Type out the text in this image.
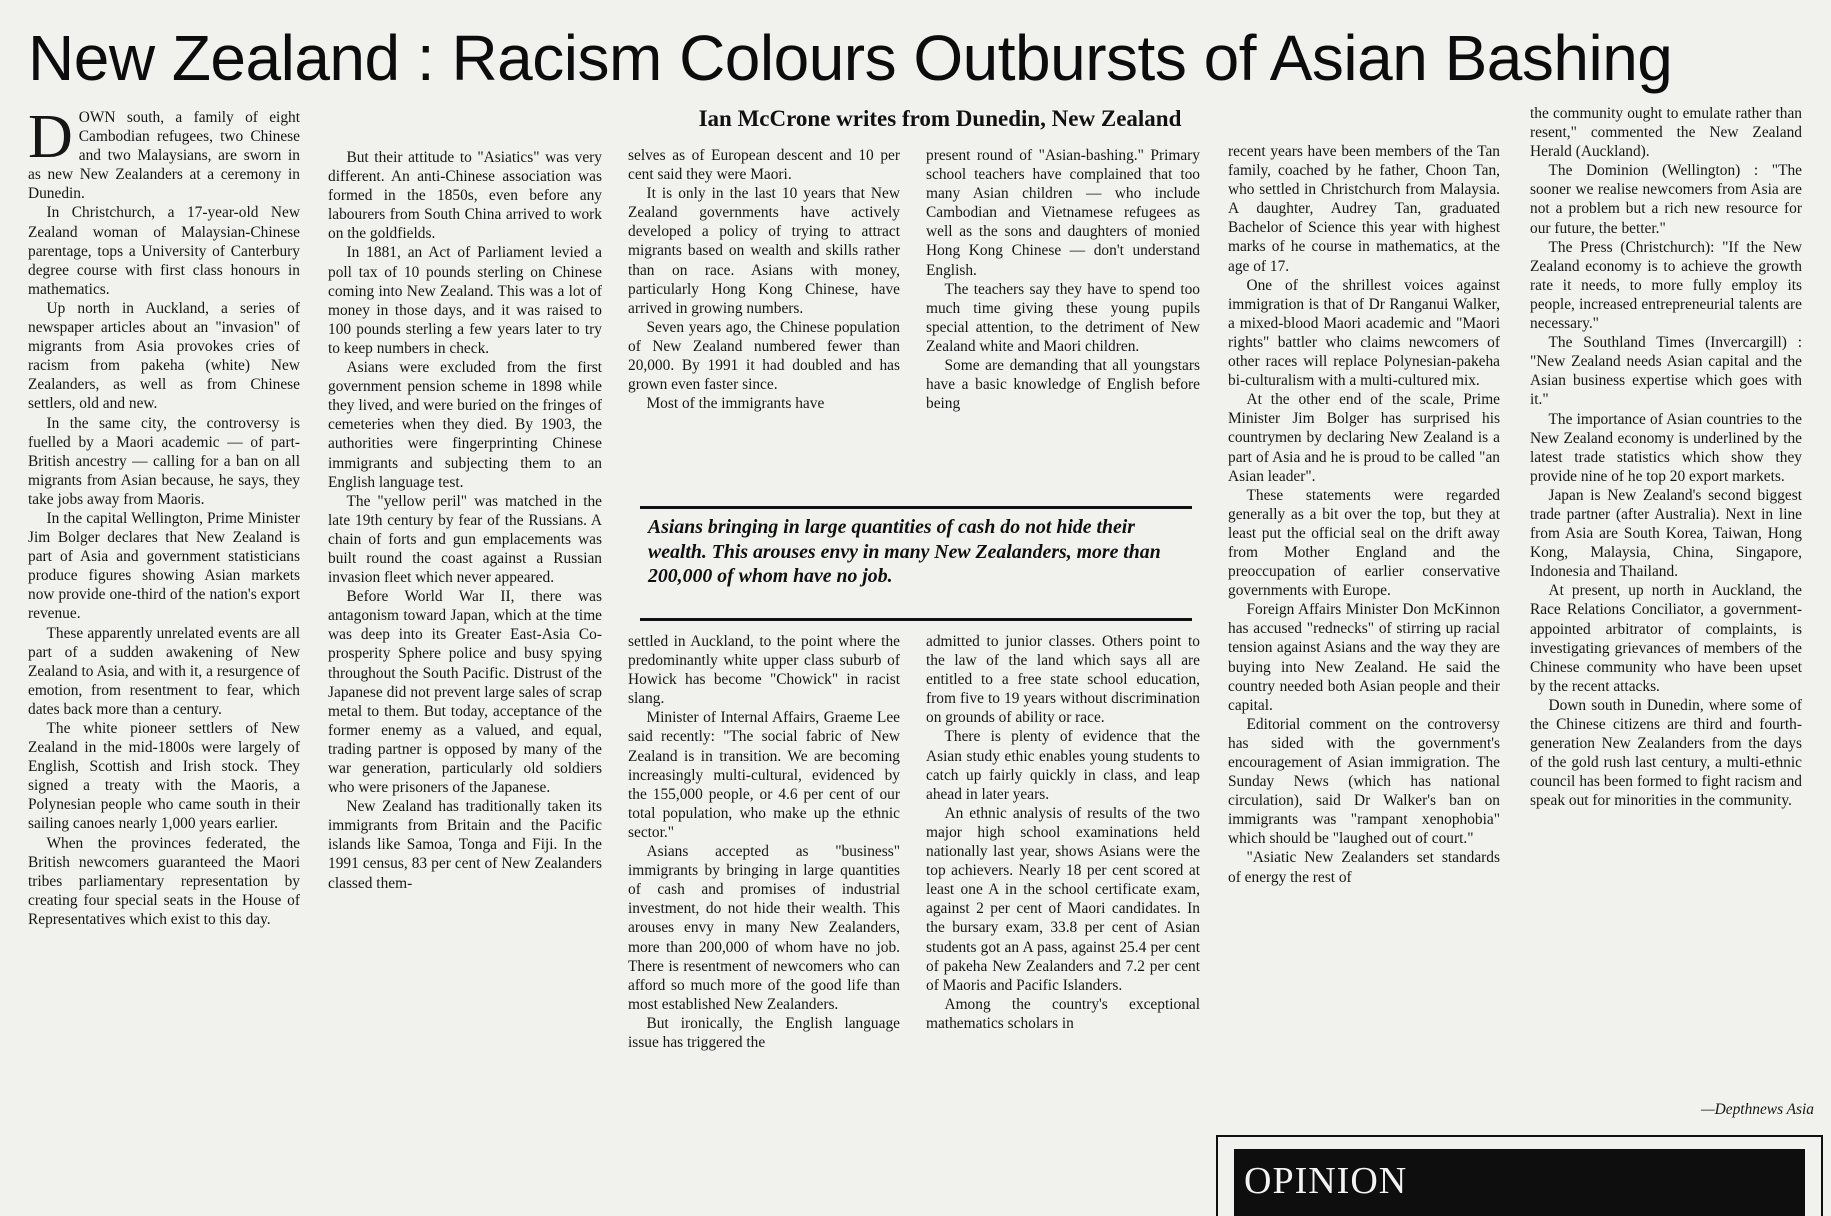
New Zealand : Racism Colours Outbursts of Asian Bashing
Ian McCrone writes from Dunedin, New Zealand

DOWN south, a family of eight Cambodian refugees, two Chinese and two Malaysians, are sworn in as new New Zealanders at a ceremony in Dunedin.

In Christchurch, a 17-year-old New Zealand woman of Malaysian-Chinese parentage, tops a University of Canterbury degree course with first class honours in mathematics.

Up north in Auckland, a series of newspaper articles about an "invasion" of migrants from Asia provokes cries of racism from pakeha (white) New Zealanders, as well as from Chinese settlers, old and new.

In the same city, the controversy is fuelled by a Maori academic — of part-British ancestry — calling for a ban on all migrants from Asian because, he says, they take jobs away from Maoris.

In the capital Wellington, Prime Minister Jim Bolger declares that New Zealand is part of Asia and government statisticians produce figures showing Asian markets now provide one-third of the nation's export revenue.

These apparently unrelated events are all part of a sudden awakening of New Zealand to Asia, and with it, a resurgence of emotion, from resentment to fear, which dates back more than a century.

The white pioneer settlers of New Zealand in the mid-1800s were largely of English, Scottish and Irish stock. They signed a treaty with the Maoris, a Polynesian people who came south in their sailing canoes nearly 1,000 years earlier.

When the provinces federated, the British newcomers guaranteed the Maori tribes parliamentary representation by creating four special seats in the House of Representatives which exist to this day.

But their attitude to "Asiatics" was very different. An anti-Chinese association was formed in the 1850s, even before any labourers from South China arrived to work on the goldfields.

In 1881, an Act of Parliament levied a poll tax of 10 pounds sterling on Chinese coming into New Zealand. This was a lot of money in those days, and it was raised to 100 pounds sterling a few years later to try to keep numbers in check.

Asians were excluded from the first government pension scheme in 1898 while they lived, and were buried on the fringes of cemeteries when they died. By 1903, the authorities were fingerprinting Chinese immigrants and subjecting them to an English language test.

The "yellow peril" was matched in the late 19th century by fear of the Russians. A chain of forts and gun emplacements was built round the coast against a Russian invasion fleet which never appeared.

Before World War II, there was antagonism toward Japan, which at the time was deep into its Greater East-Asia Co-prosperity Sphere police and busy spying throughout the South Pacific. Distrust of the Japanese did not prevent large sales of scrap metal to them. But today, acceptance of the former enemy as a valued, and equal, trading partner is opposed by many of the war generation, particularly old soldiers who were prisoners of the Japanese.

New Zealand has traditionally taken its immigrants from Britain and the Pacific islands like Samoa, Tonga and Fiji. In the 1991 census, 83 per cent of New Zealanders classed them-

selves as of European descent and 10 per cent said they were Maori.

It is only in the last 10 years that New Zealand governments have actively developed a policy of trying to attract migrants based on wealth and skills rather than on race. Asians with money, particularly Hong Kong Chinese, have arrived in growing numbers.

Seven years ago, the Chinese population of New Zealand numbered fewer than 20,000. By 1991 it had doubled and has grown even faster since.

Most of the immigrants have

present round of "Asian-bashing." Primary school teachers have complained that too many Asian children — who include Cambodian and Vietnamese refugees as well as the sons and daughters of monied Hong Kong Chinese — don't understand English.

The teachers say they have to spend too much time giving these young pupils special attention, to the detriment of New Zealand white and Maori children.

Some are demanding that all youngstars have a basic knowledge of English before being

Asians bringing in large quantities of cash do not hide their wealth. This arouses envy in many New Zealanders, more than 200,000 of whom have no job.

settled in Auckland, to the point where the predominantly white upper class suburb of Howick has become "Chowick" in racist slang.

Minister of Internal Affairs, Graeme Lee said recently: "The social fabric of New Zealand is in transition. We are becoming increasingly multi-cultural, evidenced by the 155,000 people, or 4.6 per cent of our total population, who make up the ethnic sector."

Asians accepted as "business" immigrants by bringing in large quantities of cash and promises of industrial investment, do not hide their wealth. This arouses envy in many New Zealanders, more than 200,000 of whom have no job. There is resentment of newcomers who can afford so much more of the good life than most established New Zealanders.

But ironically, the English language issue has triggered the

admitted to junior classes. Others point to the law of the land which says all are entitled to a free state school education, from five to 19 years without discrimination on grounds of ability or race.

There is plenty of evidence that the Asian study ethic enables young students to catch up fairly quickly in class, and leap ahead in later years.

An ethnic analysis of results of the two major high school examinations held nationally last year, shows Asians were the top achievers. Nearly 18 per cent scored at least one A in the school certificate exam, against 2 per cent of Maori candidates. In the bursary exam, 33.8 per cent of Asian students got an A pass, against 25.4 per cent of pakeha New Zealanders and 7.2 per cent of Maoris and Pacific Islanders.

Among the country's exceptional mathematics scholars in

recent years have been members of the Tan family, coached by he father, Choon Tan, who settled in Christchurch from Malaysia. A daughter, Audrey Tan, graduated Bachelor of Science this year with highest marks of he course in mathematics, at the age of 17.

One of the shrillest voices against immigration is that of Dr Ranganui Walker, a mixed-blood Maori academic and "Maori rights" battler who claims newcomers of other races will replace Polynesian-pakeha bi-culturalism with a multi-cultured mix.

At the other end of the scale, Prime Minister Jim Bolger has surprised his countrymen by declaring New Zealand is a part of Asia and he is proud to be called "an Asian leader".

These statements were regarded generally as a bit over the top, but they at least put the official seal on the drift away from Mother England and the preoccupation of earlier conservative governments with Europe.

Foreign Affairs Minister Don McKinnon has accused "rednecks" of stirring up racial tension against Asians and the way they are buying into New Zealand. He said the country needed both Asian people and their capital.

Editorial comment on the controversy has sided with the government's encouragement of Asian immigration. The Sunday News (which has national circulation), said Dr Walker's ban on immigrants was "rampant xenophobia" which should be "laughed out of court."

"Asiatic New Zealanders set standards of energy the rest of

the community ought to emulate rather than resent," commented the New Zealand Herald (Auckland).

The Dominion (Wellington) : "The sooner we realise newcomers from Asia are not a problem but a rich new resource for our future, the better."

The Press (Christchurch): "If the New Zealand economy is to achieve the growth rate it needs, to more fully employ its people, increased entrepreneurial talents are necessary."

The Southland Times (Invercargill) : "New Zealand needs Asian capital and the Asian business expertise which goes with it."

The importance of Asian countries to the New Zealand economy is underlined by the latest trade statistics which show they provide nine of he top 20 export markets.

Japan is New Zealand's second biggest trade partner (after Australia). Next in line from Asia are South Korea, Taiwan, Hong Kong, Malaysia, China, Singapore, Indonesia and Thailand.

At present, up north in Auckland, the Race Relations Conciliator, a government-appointed arbitrator of complaints, is investigating grievances of members of the Chinese community who have been upset by the recent attacks.

Down south in Dunedin, where some of the Chinese citizens are third and fourth-generation New Zealanders from the days of the gold rush last century, a multi-ethnic council has been formed to fight racism and speak out for minorities in the community.

—Depthnews Asia
OPINION
